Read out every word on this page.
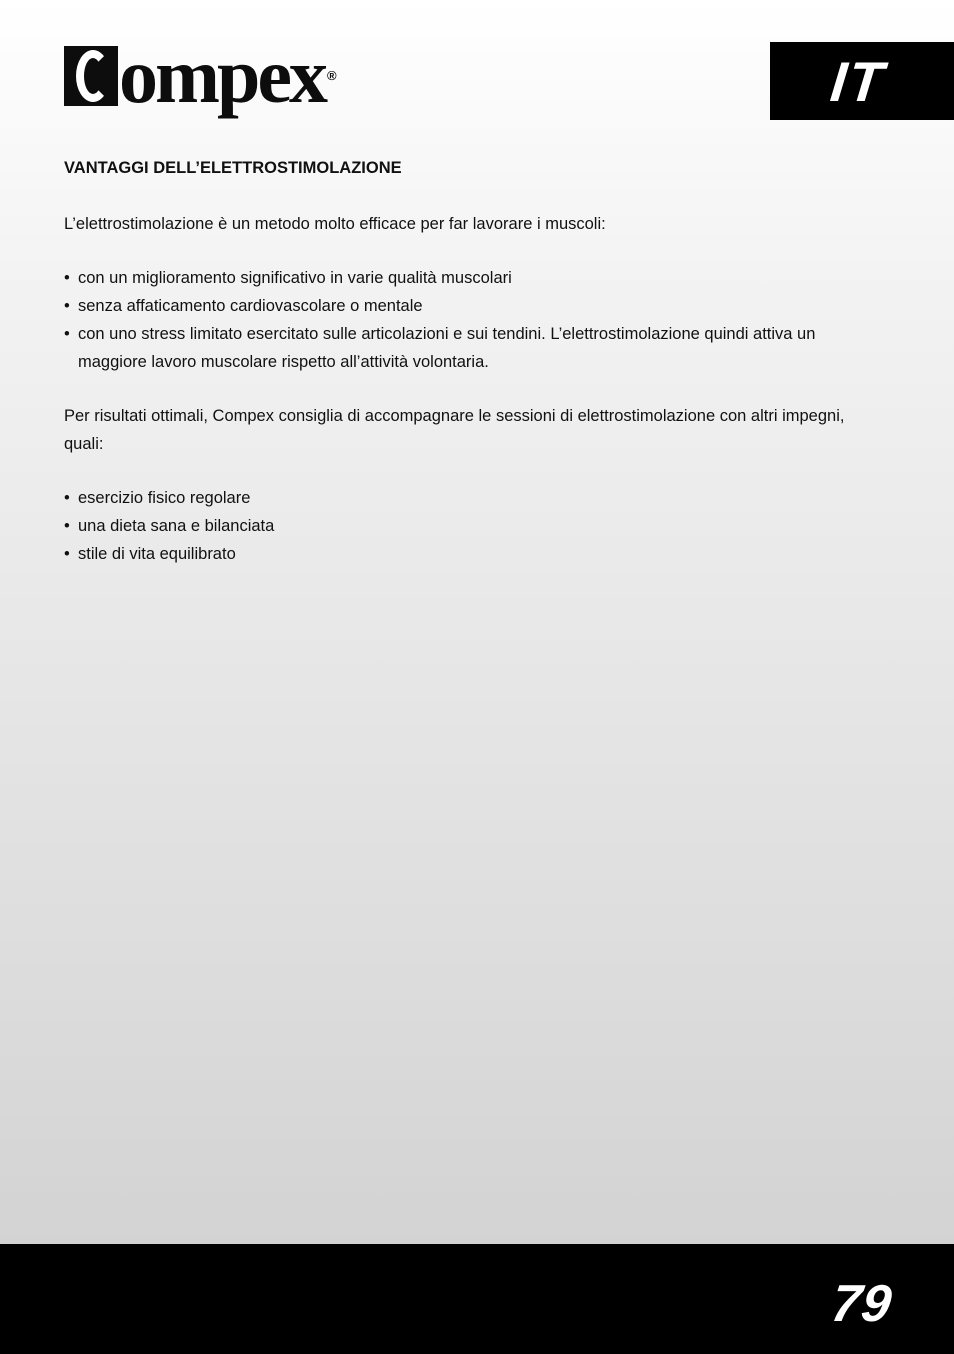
ompex ®	IT
VANTAGGI DELL’ELETTROSTIMOLAZIONE

L’elettrostimolazione è un metodo molto efficace per far lavorare i muscoli:

• con un miglioramento significativo in varie qualità muscolari
• senza affaticamento cardiovascolare o mentale
• con uno stress limitato esercitato sulle articolazioni e sui tendini. L’elettrostimolazione quindi attiva un maggiore lavoro muscolare rispetto all’attività volontaria.

Per risultati ottimali, Compex consiglia di accompagnare le sessioni di elettrostimolazione con altri impegni, quali:

• esercizio fisico regolare
• una dieta sana e bilanciata
• stile di vita equilibrato
79
